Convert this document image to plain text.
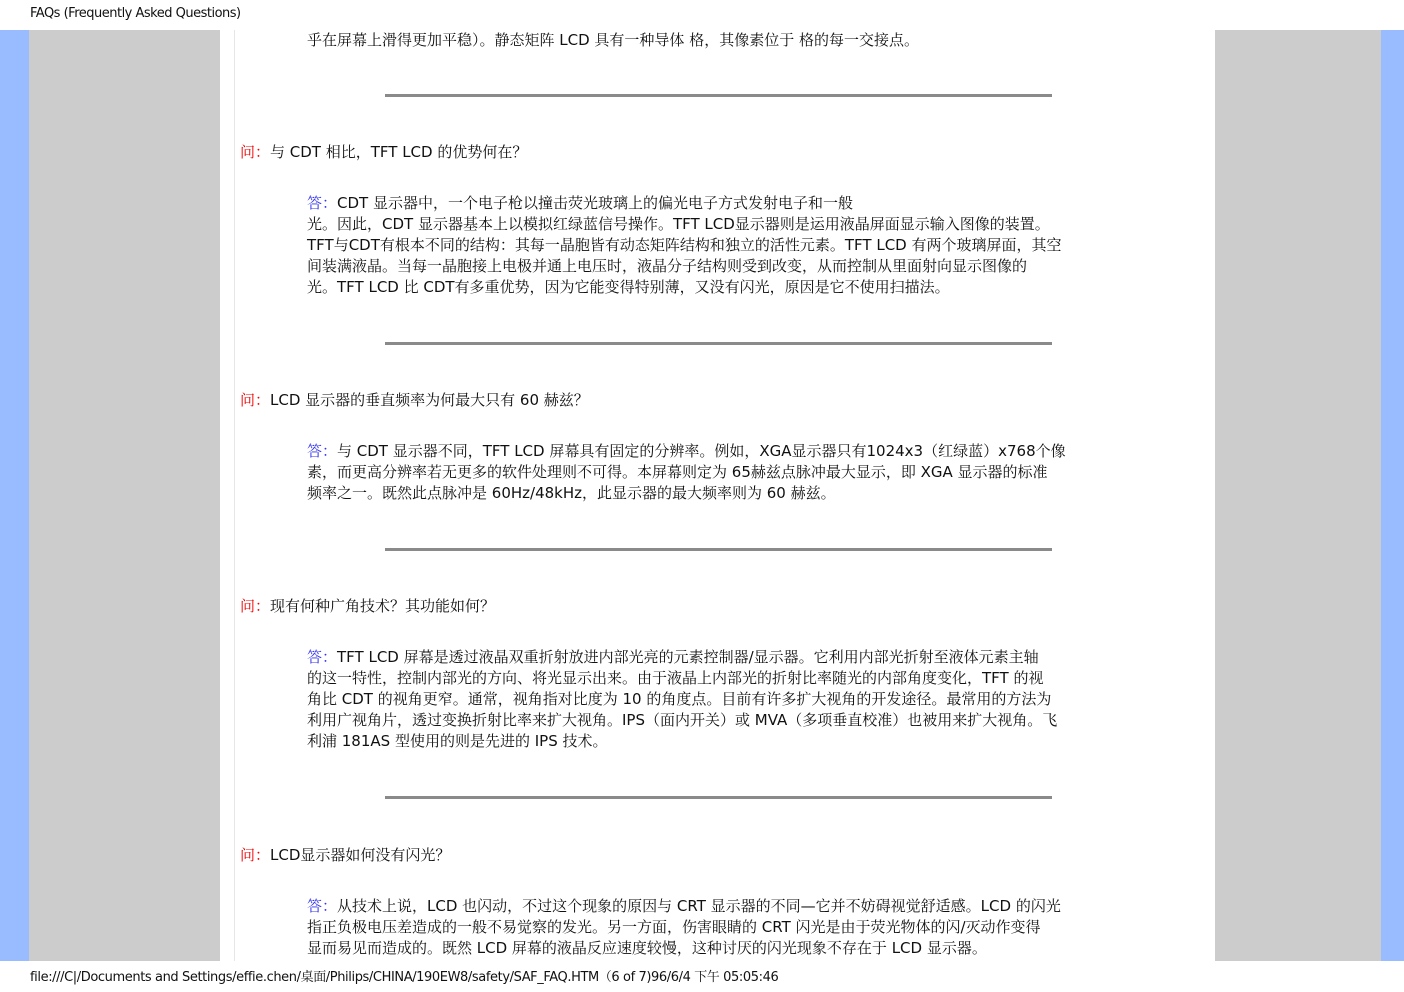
FAQs (Frequently Asked Questions)
乎在屏幕上滑得更加平稳）。静态矩阵 LCD 具有一种导体 格，其像素位于 格的每一交接点。
问：与 CDT 相比，TFT LCD 的优势何在？
答：CDT 显示器中，一个电子枪以撞击荧光玻璃上的偏光电子方式发射电子和一般
光。因此，CDT 显示器基本上以模拟红绿蓝信号操作。TFT LCD显示器则是运用液晶屏面显示输入图像的装置。
TFT与CDT有根本不同的结构：其每一晶胞皆有动态矩阵结构和独立的活性元素。TFT LCD 有两个玻璃屏面，其空
间装满液晶。当每一晶胞接上电极并通上电压时，液晶分子结构则受到改变，从而控制从里面射向显示图像的
光。TFT LCD 比 CDT有多重优势，因为它能变得特别薄，又没有闪光，原因是它不使用扫描法。
问：LCD 显示器的垂直频率为何最大只有 60 赫兹？
答：与 CDT 显示器不同，TFT LCD 屏幕具有固定的分辨率。例如，XGA显示器只有1024x3（红绿蓝）x768个像
素，而更高分辨率若无更多的软件处理则不可得。本屏幕则定为 65赫兹点脉冲最大显示，即 XGA 显示器的标准
频率之一。既然此点脉冲是 60Hz/48kHz，此显示器的最大频率则为 60 赫兹。
问：现有何种广角技术？其功能如何？
答：TFT LCD 屏幕是透过液晶双重折射放进内部光亮的元素控制器/显示器。它利用内部光折射至液体元素主轴
的这一特性，控制内部光的方向、将光显示出来。由于液晶上内部光的折射比率随光的内部角度变化，TFT 的视
角比 CDT 的视角更窄。通常，视角指对比度为 10 的角度点。目前有许多扩大视角的开发途径。最常用的方法为
利用广视角片，透过变换折射比率来扩大视角。IPS（面内开关）或 MVA（多项垂直校准）也被用来扩大视角。飞
利浦 181AS 型使用的则是先进的 IPS 技术。
问：LCD显示器如何没有闪光？
答：从技术上说，LCD 也闪动，不过这个现象的原因与 CRT 显示器的不同—它并不妨碍视觉舒适感。LCD 的闪光
指正负极电压差造成的一般不易觉察的发光。另一方面，伤害眼睛的 CRT 闪光是由于荧光物体的闪/灭动作变得
显而易见而造成的。既然 LCD 屏幕的液晶反应速度较慢，这种讨厌的闪光现象不存在于 LCD 显示器。
file:///C|/Documents and Settings/effie.chen/桌面/Philips/CHINA/190EW8/safety/SAF_FAQ.HTM（6 of 7)96/6/4 下午 05:05:46
